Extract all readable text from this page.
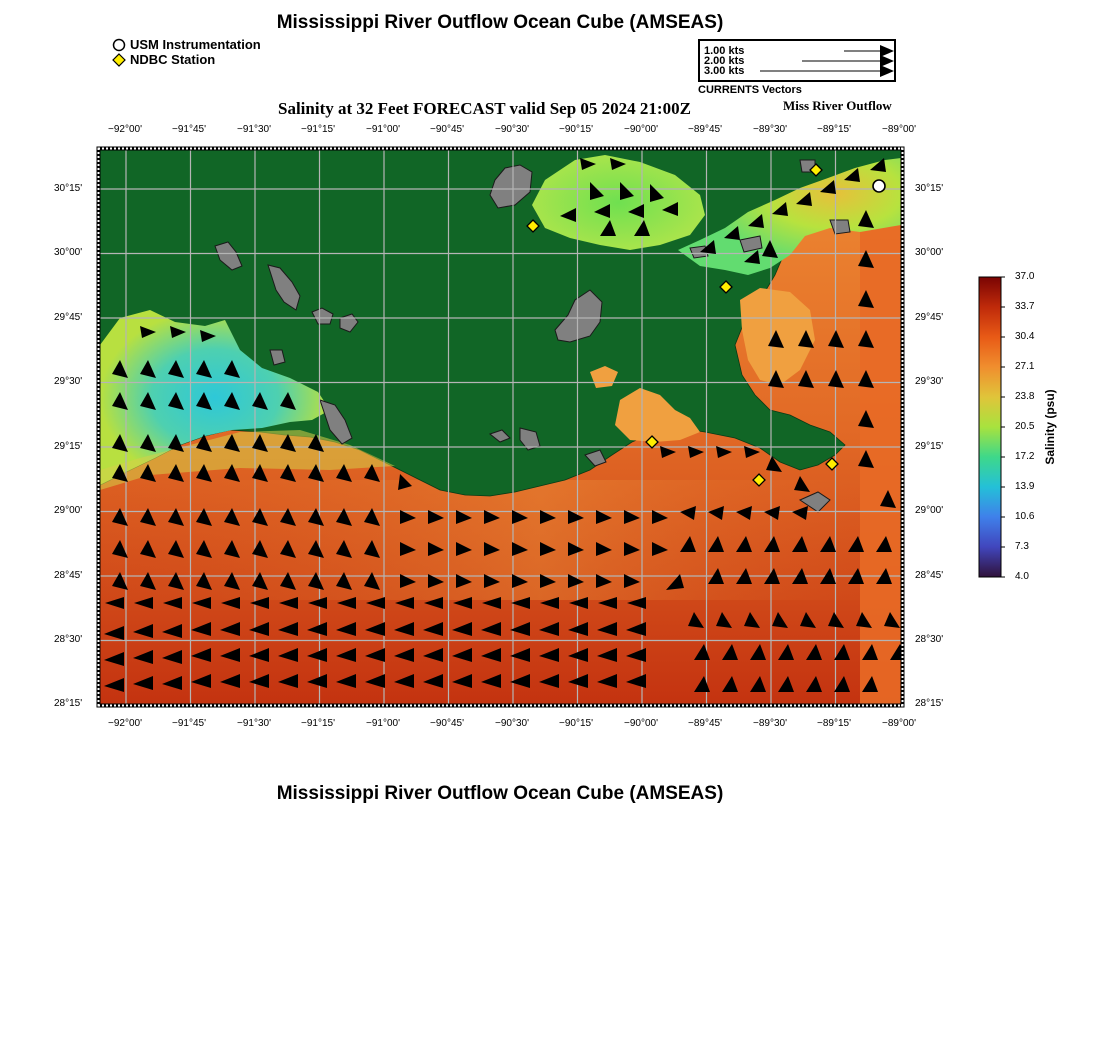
Mississippi River Outflow Ocean Cube (AMSEAS)
USM Instrumentation
NDBC Station
1.00 kts
2.00 kts
3.00 kts
CURRENTS Vectors
Salinity at 32 Feet FORECAST valid Sep 05 2024 21:00Z	Miss River Outflow
−92°00'	−91°45'	−91°30'	−91°15'	−91°00'	−90°45'	−90°30'	−90°15'	−90°00'	−89°45'	−89°30'	−89°15'	−89°00'
−92°00'	−91°45'	−91°30'	−91°15'	−91°00'	−90°45'	−90°30'	−90°15'	−90°00'	−89°45'	−89°30'	−89°15'	−89°00'
30°15'
30°00'
29°45'
29°30'
29°15'
29°00'
28°45'
28°30'
28°15'
30°15'
30°00'
29°45'
29°30'
29°15'
29°00'
28°45'
28°30'
28°15'
37.0
33.7
30.4
27.1
23.8
20.5
17.2
13.9
10.6
7.3
4.0
Salinity (psu)
Mississippi River Outflow Ocean Cube (AMSEAS)
